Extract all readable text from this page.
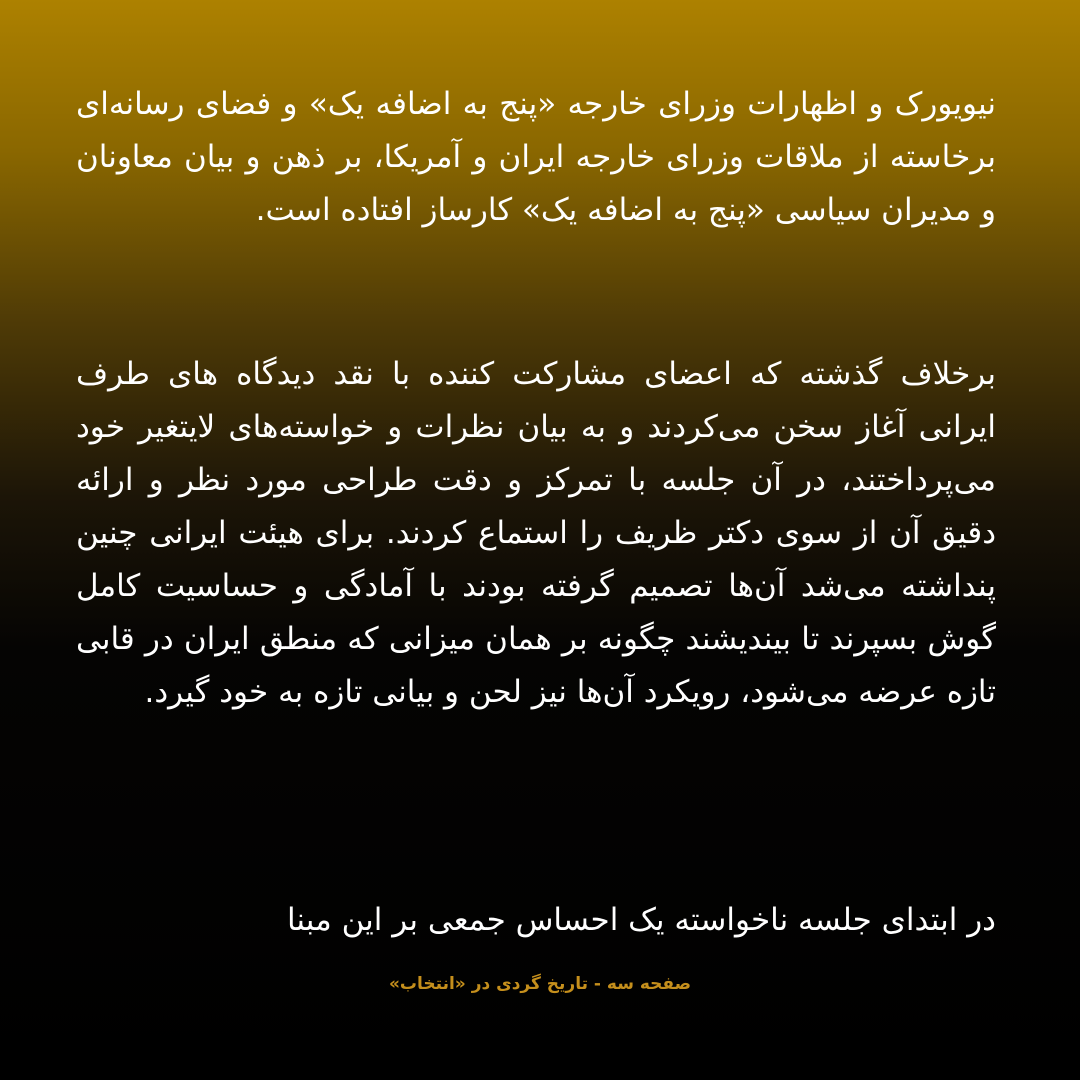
نیویورک و اظهارات وزرای خارجه «پنج به اضافه یک» و فضای رسانه‌ای برخاسته از ملاقات وزرای خارجه ایران و آمریکا، بر ذهن و بیان معاونان و مدیران سیاسی «پنج به اضافه یک» کارساز افتاده است.

برخلاف گذشته که اعضای مشارکت کننده با نقد دیدگاه های طرف ایرانی آغاز سخن می‌کردند و به بیان نظرات و خواسته‌های لایتغیر خود می‌پرداختند، در آن جلسه با تمرکز و دقت طراحی مورد نظر و ارائه دقیق آن از سوی دکتر ظریف را استماع کردند. برای هیئت ایرانی چنین پنداشته می‌شد آن‌ها تصمیم گرفته بودند با آمادگی و حساسیت کامل گوش بسپرند تا بیندیشند چگونه بر همان میزانی که منطق ایران در قابی تازه عرضه می‌شود، رویکرد آن‌ها نیز لحن و بیانی تازه به خود گیرد.

در ابتدای جلسه ناخواسته یک احساس جمعی بر این مبنا

صفحه سه - تاریخ گردی در «انتخاب»
